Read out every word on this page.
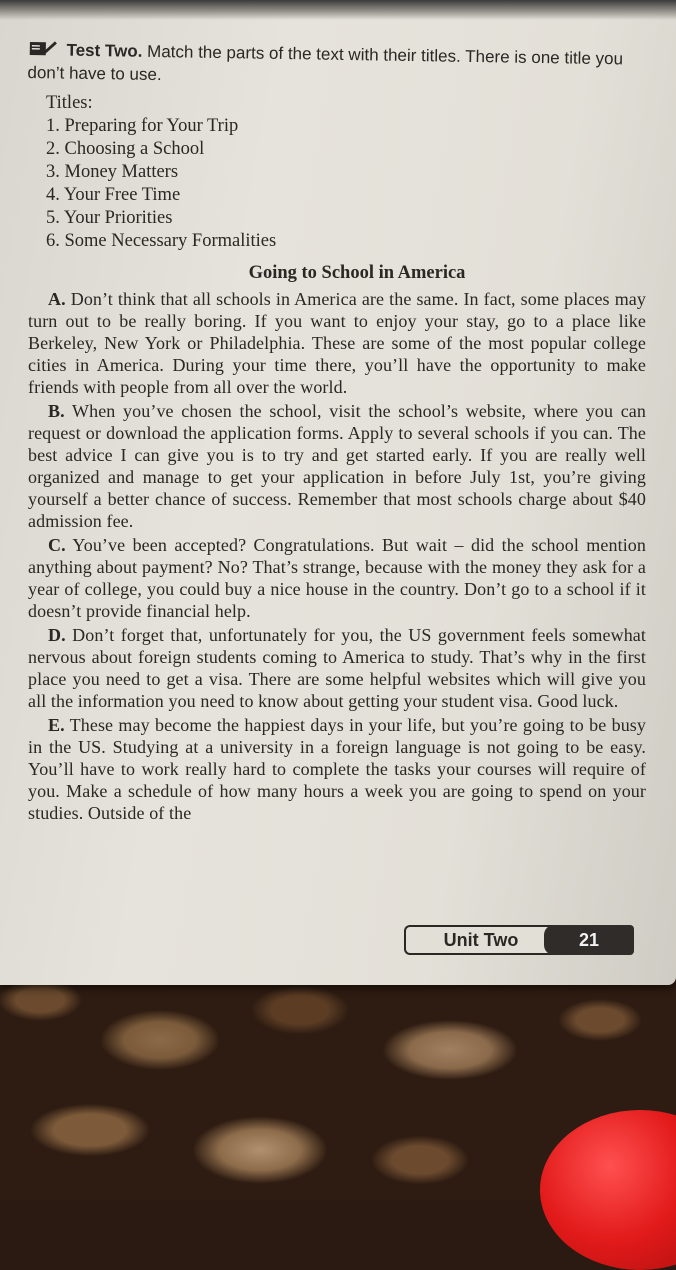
Test Two. Match the parts of the text with their titles. There is one title you don’t have to use.

Titles:

1. Preparing for Your Trip
2. Choosing a School
3. Money Matters
4. Your Free Time
5. Your Priorities
6. Some Necessary Formalities

Going to School in America

A. Don’t think that all schools in America are the same. In fact, some places may turn out to be really boring. If you want to enjoy your stay, go to a place like Berkeley, New York or Philadelphia. These are some of the most popular college cities in America. During your time there, you’ll have the opportunity to make friends with people from all over the world.

B. When you’ve chosen the school, visit the school’s website, where you can request or download the application forms. Apply to several schools if you can. The best advice I can give you is to try and get started early. If you are really well organized and manage to get your application in before July 1st, you’re giving yourself a better chance of success. Remember that most schools charge about $40 admission fee.

C. You’ve been accepted? Congratulations. But wait – did the school mention anything about payment? No? That’s strange, because with the money they ask for a year of college, you could buy a nice house in the country. Don’t go to a school if it doesn’t provide financial help.

D. Don’t forget that, unfortunately for you, the US government feels somewhat nervous about foreign students coming to America to study. That’s why in the first place you need to get a visa. There are some helpful websites which will give you all the information you need to know about getting your student visa. Good luck.

E. These may become the happiest days in your life, but you’re going to be busy in the US. Studying at a university in a foreign language is not going to be easy. You’ll have to work really hard to complete the tasks your courses will require of you. Make a schedule of how many hours a week you are going to spend on your studies. Outside of the

Unit Two	21
